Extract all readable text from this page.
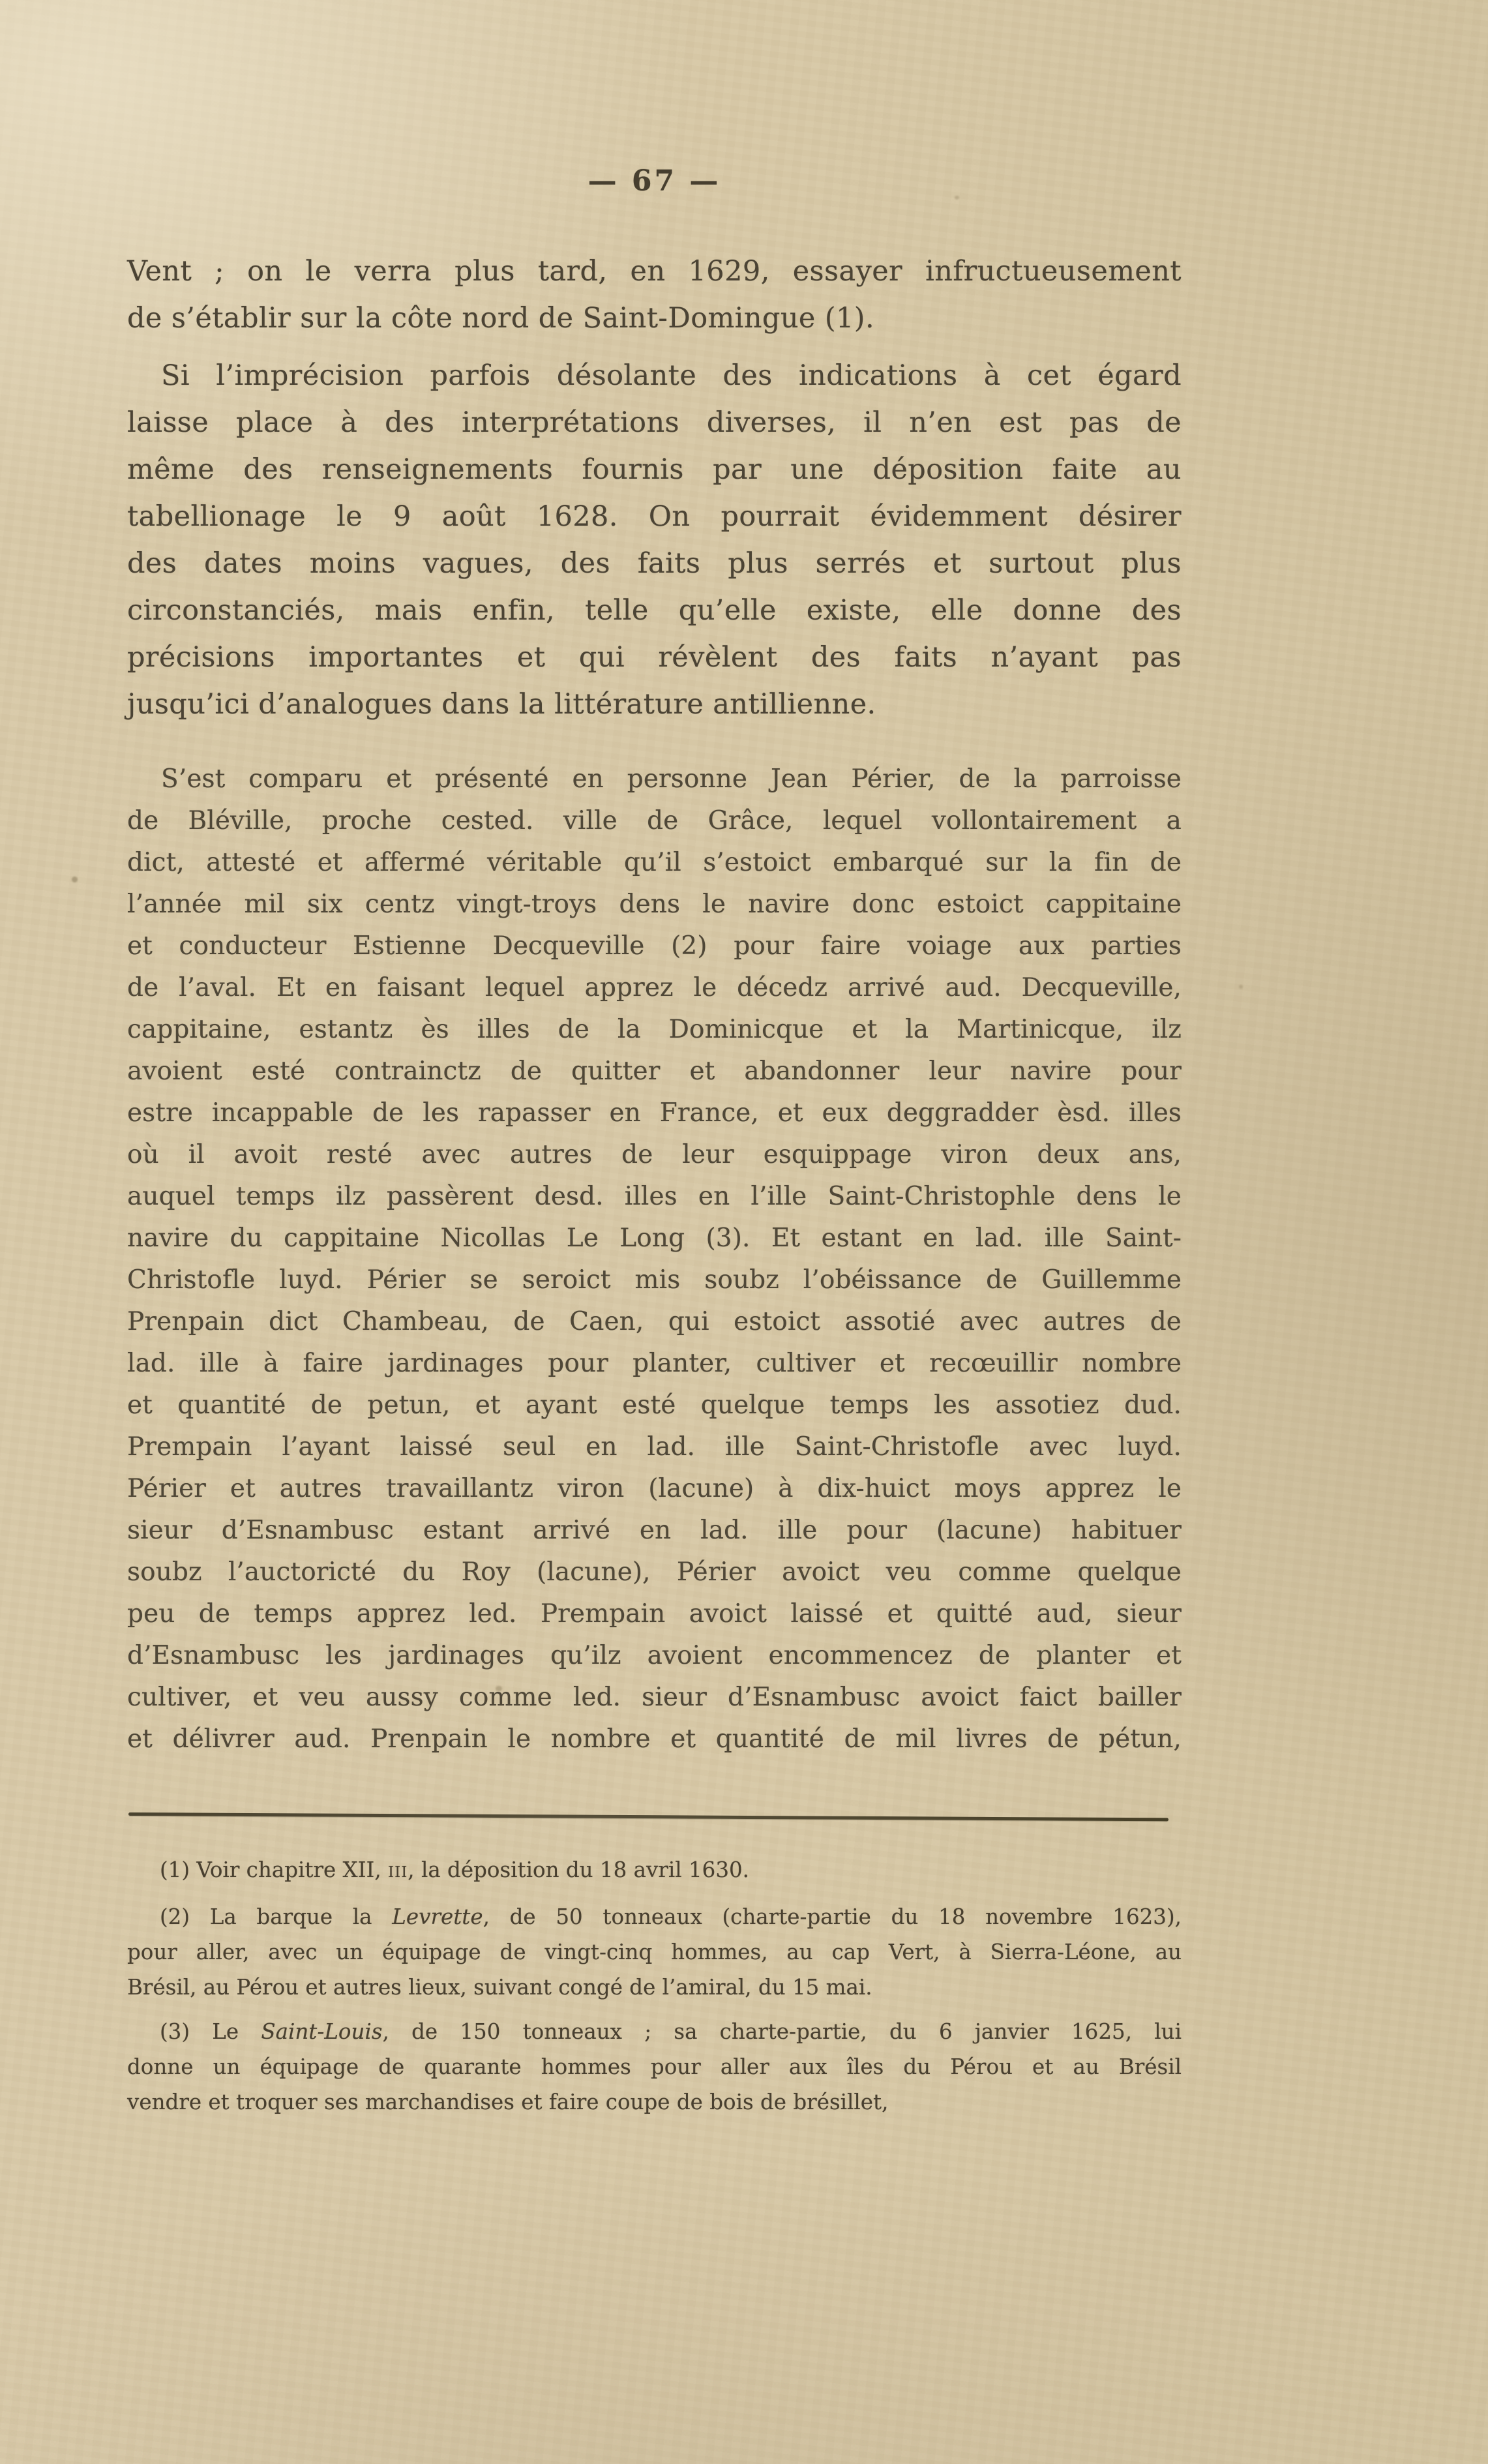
— 67 —
Vent ; on le verra plus tard, en 1629, essayer infructueusement
de s’établir sur la côte nord de Saint-Domingue (1).
Si l’imprécision parfois désolante des indications à cet égard
laisse place à des interprétations diverses, il n’en est pas de
même des renseignements fournis par une déposition faite au
tabellionage le 9 août 1628. On pourrait évidemment désirer
des dates moins vagues, des faits plus serrés et surtout plus
circonstanciés, mais enfin, telle qu’elle existe, elle donne des
précisions importantes et qui révèlent des faits n’ayant pas
jusqu’ici d’analogues dans la littérature antillienne.
S’est comparu et présenté en personne Jean Périer, de la parroisse
de Bléville, proche cested. ville de Grâce, lequel vollontairement a
dict, attesté et affermé véritable qu’il s’estoict embarqué sur la fin de
l’année mil six centz vingt-troys dens le navire donc estoict cappitaine
et conducteur Estienne Decqueville (2) pour faire voiage aux parties
de l’aval. Et en faisant lequel apprez le décedz arrivé aud. Decqueville,
cappitaine, estantz ès illes de la Dominicque et la Martinicque, ilz
avoient esté contrainctz de quitter et abandonner leur navire pour
estre incappable de les rapasser en France, et eux deggradder èsd. illes
où il avoit resté avec autres de leur esquippage viron deux ans,
auquel temps ilz passèrent desd. illes en l’ille Saint-Christophle dens le
navire du cappitaine Nicollas Le Long (3). Et estant en lad. ille Saint-
Christofle luyd. Périer se seroict mis soubz l’obéissance de Guillemme
Prenpain dict Chambeau, de Caen, qui estoict assotié avec autres de
lad. ille à faire jardinages pour planter, cultiver et recœuillir nombre
et quantité de petun, et ayant esté quelque temps les assotiez dud.
Prempain l’ayant laissé seul en lad. ille Saint-Christofle avec luyd.
Périer et autres travaillantz viron (lacune) à dix-huict moys apprez le
sieur d’Esnambusc estant arrivé en lad. ille pour (lacune) habituer
soubz l’auctoricté du Roy (lacune), Périer avoict veu comme quelque
peu de temps apprez led. Prempain avoict laissé et quitté aud, sieur
d’Esnambusc les jardinages qu’ilz avoient encommencez de planter et
cultiver, et veu aussy comme led. sieur d’Esnambusc avoict faict bailler
et délivrer aud. Prenpain le nombre et quantité de mil livres de pétun,
(1) Voir chapitre XII, iii, la déposition du 18 avril 1630.
(2) La barque la Levrette, de 50 tonneaux (charte-partie du 18 novembre 1623),
pour aller, avec un équipage de vingt-cinq hommes, au cap Vert, à Sierra-Léone, au
Brésil, au Pérou et autres lieux, suivant congé de l’amiral, du 15 mai.
(3) Le Saint-Louis, de 150 tonneaux ; sa charte-partie, du 6 janvier 1625, lui
donne un équipage de quarante hommes pour aller aux îles du Pérou et au Brésil
vendre et troquer ses marchandises et faire coupe de bois de brésillet,
